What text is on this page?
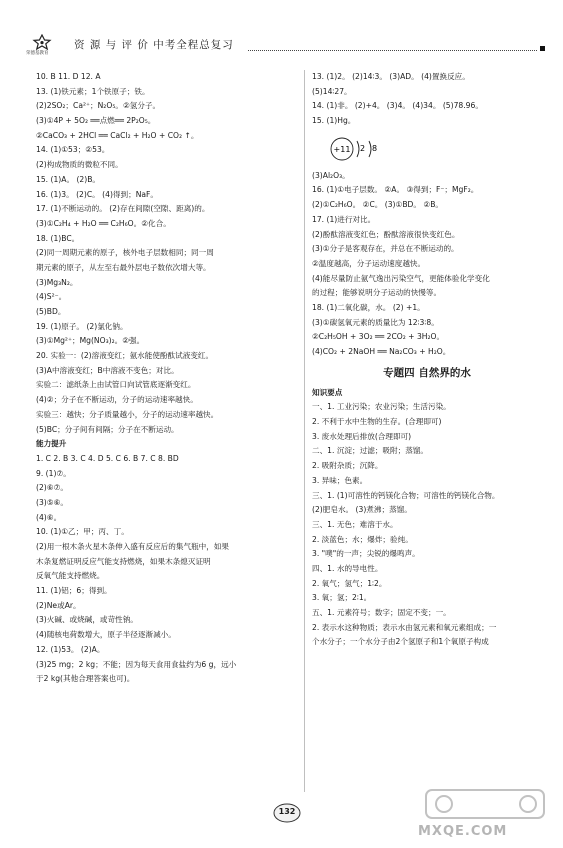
荣德基教育
资 源 与 评 价 中考全程总复习
10. B 11. D 12. A
13. (1)铁元素；1个铁原子；铁。
(2)2SO₂；Ca²⁺；N₂O₅。②氢分子。
(3)①4P + 5O₂ ══点燃══ 2P₂O₅。
②CaCO₃ + 2HCl ══ CaCl₂ + H₂O + CO₂ ↑。
14. (1)①53；②53。
(2)构成物质的微粒不同。
15. (1)A。 (2)B。
16. (1)3。 (2)C。 (4)得到；NaF。
17. (1)不断运动的。 (2)存在间隙(空隙、距离)的。
(3)①C₂H₄ + H₂O ══ C₂H₆O。②化合。
18. (1)BC。
(2)同一周期元素的原子，核外电子层数相同；同一周
期元素的原子，从左至右最外层电子数依次增大等。
(3)Mg₃N₂。
(4)S²⁻。
(5)BD。
19. (1)原子。 (2)氯化钠。
(3)①Mg²⁺；Mg(NO₃)₂。②强。
20. 实验一：(2)溶液变红；氨水能使酚酞试液变红。
(3)A中溶液变红；B中溶液不变色；对比。
实验二：滤纸条上由试管口向试管底逐渐变红。
(4)②；分子在不断运动，分子的运动速率越快。
实验三：越快；分子质量越小，分子的运动速率越快。
(5)BC；分子间有间隔；分子在不断运动。
能力提升
1. C 2. B 3. C 4. D 5. C 6. B 7. C 8. BD
9. (1)⑦。
(2)⑥⑦。
(3)⑤⑥。
(4)⑥。
10. (1)①乙；甲；丙、丁。
(2)用一根木条火星木条伸入盛有反应后的集气瓶中，如果
木条复燃证明反应气能支持燃烧，如果木条熄灭证明
反氧气能支持燃烧。
11. (1)铝；6；得到。
(2)Ne或Ar。
(3)火碱、或烧碱，或苛性钠。
(4)随核电荷数增大，原子半径逐渐减小。
12. (1)53。 (2)A。
(3)25 mg；2 kg；不能；因为每天食用食盐约为6 g，远小
于2 kg(其他合理答案也可)。
13. (1)2。 (2)14∶3。 (3)AD。 (4)置换反应。
(5)14∶27。
14. (1)非。 (2)+4。 (3)4。 (4)34。 (5)78.96。
15. (1)Hg。
+11 2 8
(3)Al₂O₃。
16. (1)①电子层数。 ②A。 ③得到；F⁻；MgF₂。
(2)①C₂H₆O。 ②C。 (3)①BD。 ②B。
17. (1)进行对比。
(2)酚酞溶液变红色；酚酞溶液很快变红色。
(3)①分子是客观存在，并总在不断运动的。
②温度越高，分子运动速度越快。
(4)能尽量防止氨气逸出污染空气，更能体验化学变化
的过程；能够说明分子运动的快慢等。
18. (1)二氧化碳，水。 (2) +1。
(3)①碳氢氧元素的质量比为 12∶3∶8。
②C₂H₅OH + 3O₂ ══ 2CO₂ + 3H₂O。
(4)CO₂ + 2NaOH ══ Na₂CO₃ + H₂O。
专题四 自然界的水
知识要点
一、1. 工业污染；农业污染；生活污染。
2. 不利于水中生物的生存。(合理即可)
3. 废水处理后排放(合理即可)
二、1. 沉淀；过滤；吸附；蒸馏。
2. 吸附杂质；沉降。
3. 异味；色素。
三、1. (1)可溶性的钙镁化合物；可溶性的钙镁化合物。
(2)肥皂水。 (3)煮沸；蒸馏。
三、1. 无色；难溶于水。
2. 淡蓝色；水；爆炸；验纯。
3. "噗"的一声；尖锐的爆鸣声。
四、1. 水的导电性。
2. 氧气；氢气；1∶2。
3. 氧；氢；2∶1。
五、1. 元素符号；数字；固定不变；一。
2. 表示水这种物质；表示水由氢元素和氧元素组成；一
个水分子；一个水分子由2个氢原子和1个氧原子构成
132
MXQE.COM
